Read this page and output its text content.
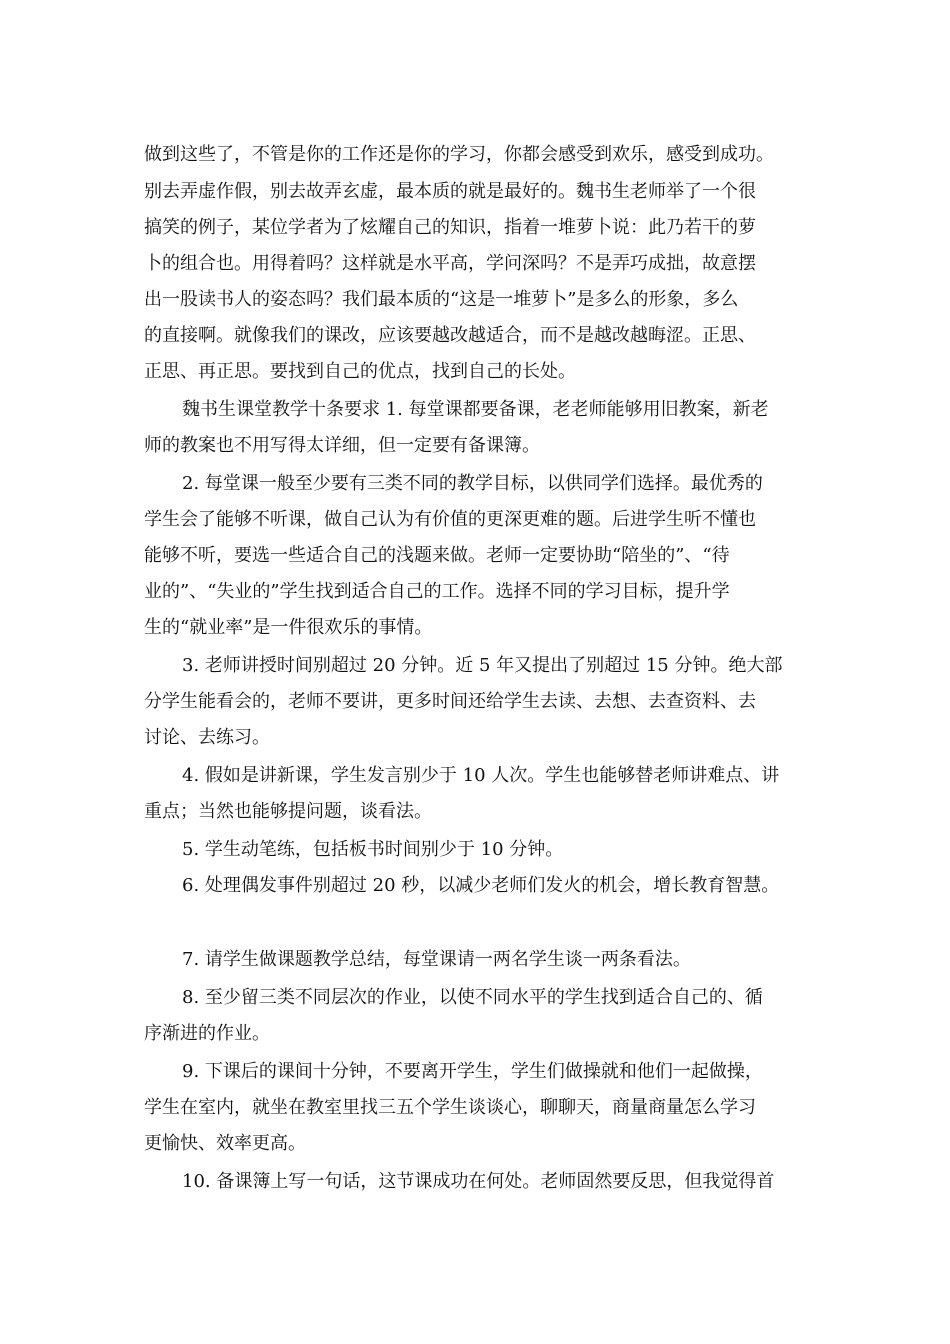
做到这些了，不管是你的工作还是你的学习，你都会感受到欢乐，感受到成功。
别去弄虚作假，别去故弄玄虚，最本质的就是最好的。魏书生老师举了一个很
搞笑的例子，某位学者为了炫耀自己的知识，指着一堆萝卜说：此乃若干的萝
卜的组合也。用得着吗？这样就是水平高，学问深吗？不是弄巧成拙，故意摆
出一股读书人的姿态吗？我们最本质的“这是一堆萝卜”是多么的形象，多么
的直接啊。就像我们的课改，应该要越改越适合，而不是越改越晦涩。正思、
正思、再正思。要找到自己的优点，找到自己的长处。
魏书生课堂教学十条要求 1. 每堂课都要备课，老老师能够用旧教案，新老
师的教案也不用写得太详细，但一定要有备课簿。
2. 每堂课一般至少要有三类不同的教学目标，以供同学们选择。最优秀的
学生会了能够不听课，做自己认为有价值的更深更难的题。后进学生听不懂也
能够不听，要选一些适合自己的浅题来做。老师一定要协助“陪坐的”、“待
业的”、“失业的”学生找到适合自己的工作。选择不同的学习目标，提升学
生的“就业率”是一件很欢乐的事情。
3. 老师讲授时间别超过 20 分钟。近 5 年又提出了别超过 15 分钟。绝大部
分学生能看会的，老师不要讲，更多时间还给学生去读、去想、去查资料、去
讨论、去练习。
4. 假如是讲新课，学生发言别少于 10 人次。学生也能够替老师讲难点、讲
重点；当然也能够提问题，谈看法。
5. 学生动笔练，包括板书时间别少于 10 分钟。
6. 处理偶发事件别超过 20 秒，以减少老师们发火的机会，增长教育智慧。
7. 请学生做课题教学总结，每堂课请一两名学生谈一两条看法。
8. 至少留三类不同层次的作业，以使不同水平的学生找到适合自己的、循
序渐进的作业。
9. 下课后的课间十分钟，不要离开学生，学生们做操就和他们一起做操，
学生在室内，就坐在教室里找三五个学生谈谈心，聊聊天，商量商量怎么学习
更愉快、效率更高。
10. 备课簿上写一句话，这节课成功在何处。老师固然要反思，但我觉得首
